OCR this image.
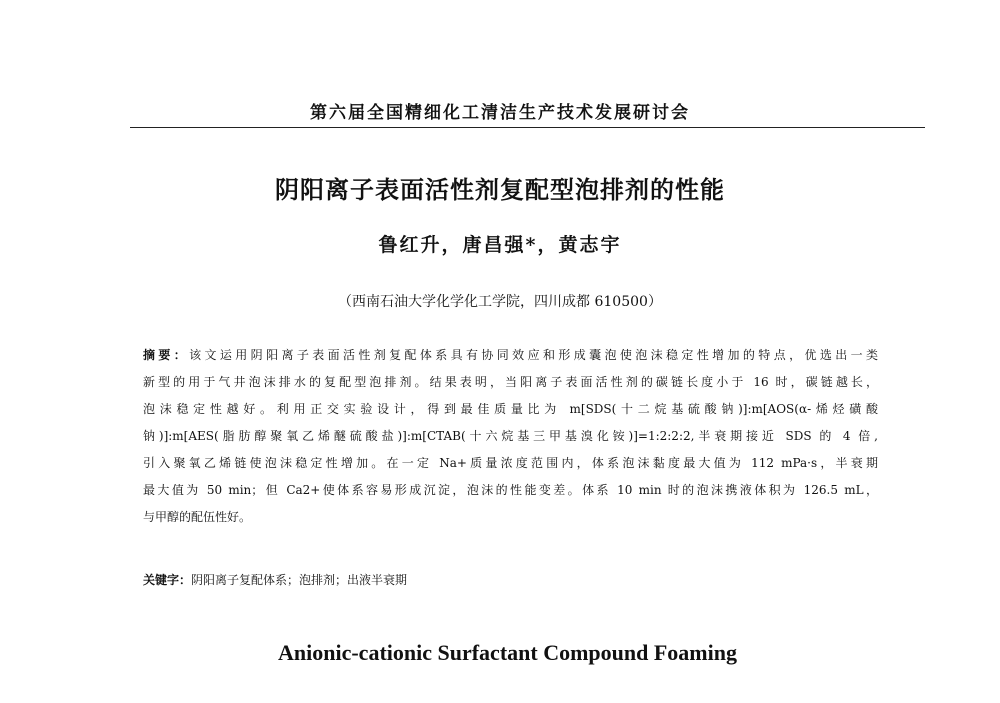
第六届全国精细化工清洁生产技术发展研讨会
阴阳离子表面活性剂复配型泡排剂的性能
鲁红升，唐昌强*，黄志宇
（西南石油大学化学化工学院，四川成都 610500）
摘要：该文运用阴阳离子表面活性剂复配体系具有协同效应和形成囊泡使泡沫稳定性增加的特点，优选出一类
新型的用于气井泡沫排水的复配型泡排剂。结果表明，当阳离子表面活性剂的碳链长度小于 16 时，碳链越长，
泡沫稳定性越好。利用正交实验设计，得到最佳质量比为 m[SDS(十二烷基硫酸钠)]:m[AOS(α-烯烃磺酸
钠)]:m[AES(脂肪醇聚氧乙烯醚硫酸盐)]:m[CTAB(十六烷基三甲基溴化铵)]=1:2:2:2,半衰期接近 SDS 的 4 倍,
引入聚氧乙烯链使泡沫稳定性增加。在一定 Na+质量浓度范围内，体系泡沫黏度最大值为 112 mPa·s，半衰期
最大值为 50 min；但 Ca2+使体系容易形成沉淀，泡沫的性能变差。体系 10 min 时的泡沫携液体积为 126.5 mL，
与甲醇的配伍性好。
关键字：阴阳离子复配体系；泡排剂；出液半衰期
Anionic-cationic Surfactant Compound Foaming
